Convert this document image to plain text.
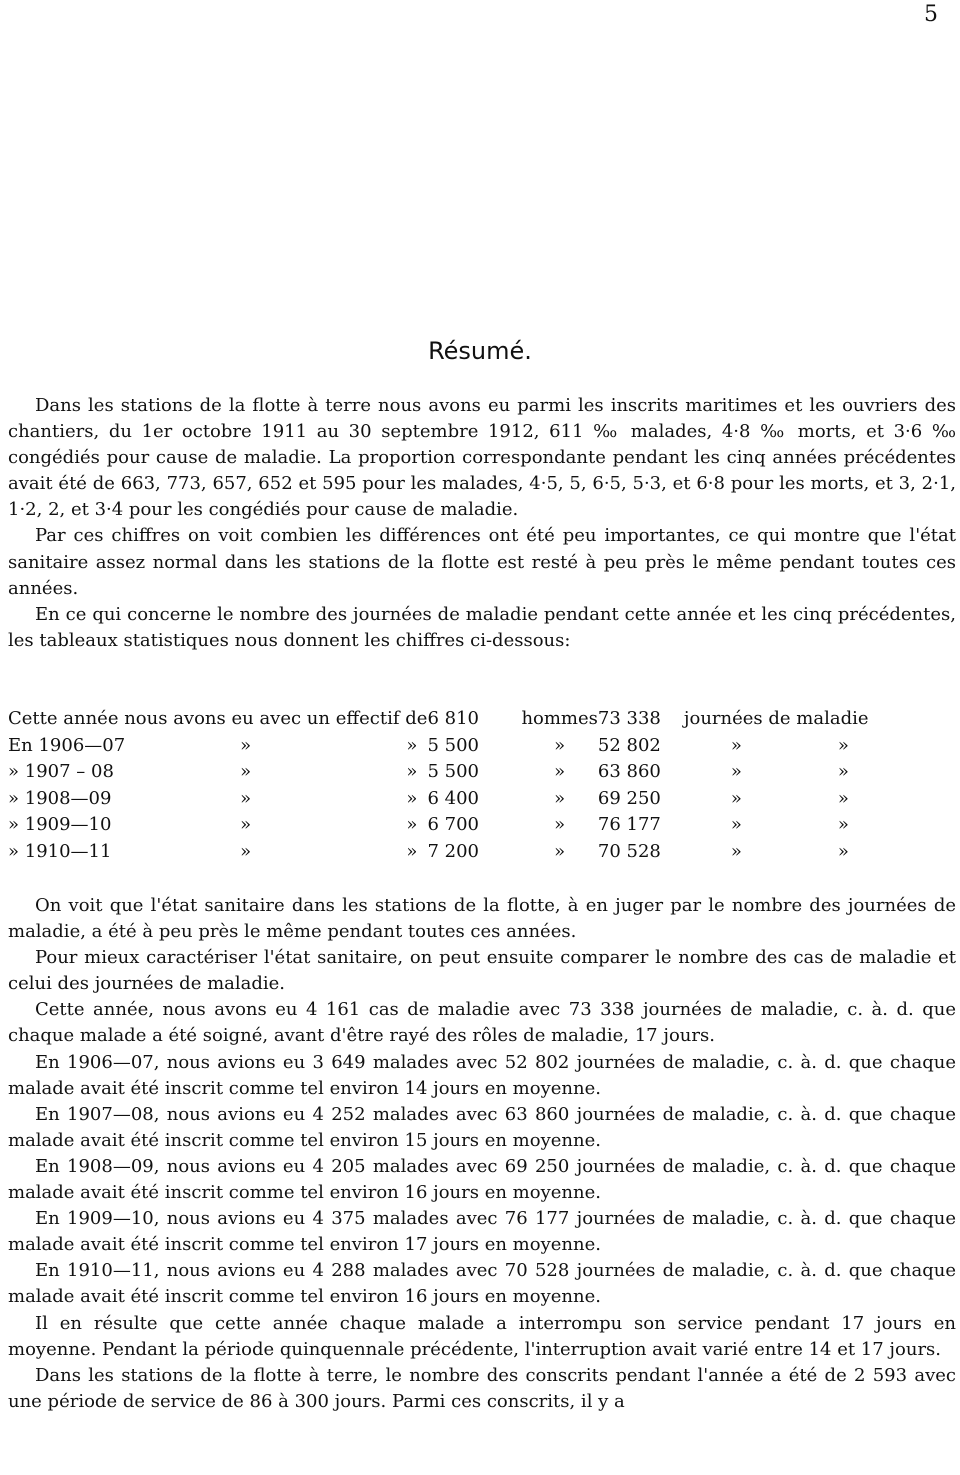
5
Résumé.

Dans les stations de la flotte à terre nous avons eu parmi les inscrits maritimes et les ouvriers des chantiers, du 1er octobre 1911 au 30 septembre 1912, 611 ‰ malades, 4·8 ‰ morts, et 3·6 ‰ congédiés pour cause de maladie. La proportion correspondante pendant les cinq années précédentes avait été de 663, 773, 657, 652 et 595 pour les malades, 4·5, 5, 6·5, 5·3, et 6·8 pour les morts, et 3, 2·1, 1·2, 2, et 3·4 pour les congédiés pour cause de maladie.

Par ces chiffres on voit combien les différences ont été peu importantes, ce qui montre que l'état sanitaire assez normal dans les stations de la flotte est resté à peu près le même pendant toutes ces années.

En ce qui concerne le nombre des journées de maladie pendant cette année et les cinq précédentes, les tableaux statistiques nous donnent les chiffres ci-dessous:

Cette année nous avons eu avec un effectif de			6 810	hommes	73 338	journées de maladie		
En 1906—07	»	»	5 500	»	52 802	»	»	
» 1907 – 08	»	»	5 500	»	63 860	»	»	
» 1908—09	»	»	6 400	»	69 250	»	»	
» 1909—10	»	»	6 700	»	76 177	»	»	
» 1910—11	»	»	7 200	»	70 528	»	»	

On voit que l'état sanitaire dans les stations de la flotte, à en juger par le nombre des journées de maladie, a été à peu près le même pendant toutes ces années.

Pour mieux caractériser l'état sanitaire, on peut ensuite comparer le nombre des cas de maladie et celui des journées de maladie.

Cette année, nous avons eu 4 161 cas de maladie avec 73 338 journées de maladie, c. à. d. que chaque malade a été soigné, avant d'être rayé des rôles de maladie, 17 jours.

En 1906—07, nous avions eu 3 649 malades avec 52 802 journées de maladie, c. à. d. que chaque malade avait été inscrit comme tel environ 14 jours en moyenne.

En 1907—08, nous avions eu 4 252 malades avec 63 860 journées de maladie, c. à. d. que chaque malade avait été inscrit comme tel environ 15 jours en moyenne.

En 1908—09, nous avions eu 4 205 malades avec 69 250 journées de maladie, c. à. d. que chaque malade avait été inscrit comme tel environ 16 jours en moyenne.

En 1909—10, nous avions eu 4 375 malades avec 76 177 journées de maladie, c. à. d. que chaque malade avait été inscrit comme tel environ 17 jours en moyenne.

En 1910—11, nous avions eu 4 288 malades avec 70 528 journées de maladie, c. à. d. que chaque malade avait été inscrit comme tel environ 16 jours en moyenne.

Il en résulte que cette année chaque malade a interrompu son service pendant 17 jours en moyenne. Pendant la période quinquennale précédente, l'interruption avait varié entre 14 et 17 jours.

Dans les stations de la flotte à terre, le nombre des conscrits pendant l'année a été de 2 593 avec une période de service de 86 à 300 jours. Parmi ces conscrits, il y a
